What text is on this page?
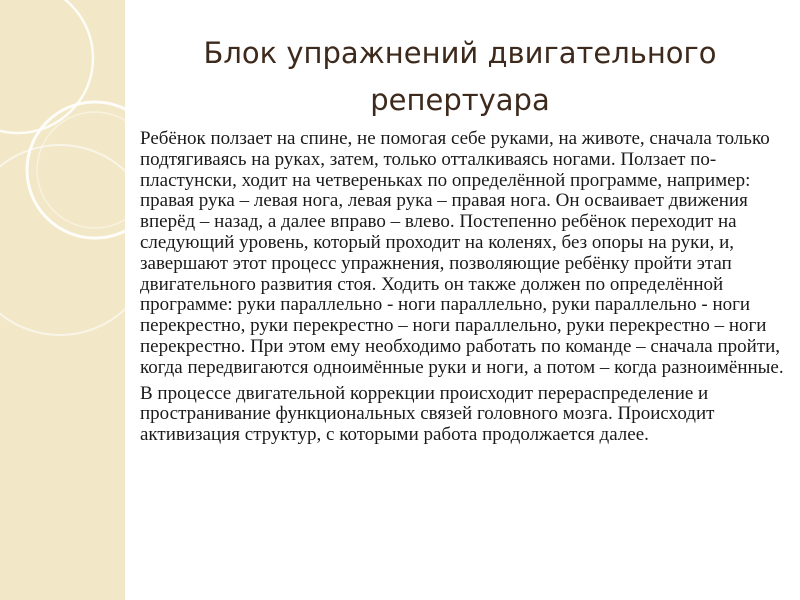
Блок упражнений двигательного репертуара

Ребёнок ползает на спине, не помогая себе руками, на животе, сначала только подтягиваясь на руках, затем, только отталкиваясь ногами. Ползает по-пластунски, ходит на четвереньках по определённой программе, например: правая рука – левая нога, левая рука – правая нога. Он осваивает движения вперёд – назад, а далее вправо – влево. Постепенно ребёнок переходит на следующий уровень, который проходит на коленях, без опоры на руки, и, завершают этот процесс упражнения, позволяющие ребёнку пройти этап двигательного развития стоя. Ходить он также должен по определённой программе: руки параллельно - ноги параллельно, руки параллельно - ноги перекрестно, руки перекрестно – ноги параллельно, руки перекрестно – ноги перекрестно. При этом ему необходимо работать по команде – сначала пройти, когда передвигаются одноимённые руки и ноги, а потом – когда разноимённые.

В процессе двигательной коррекции происходит перераспределение и пространивание функциональных связей головного мозга. Происходит активизация структур, с которыми работа продолжается далее.
